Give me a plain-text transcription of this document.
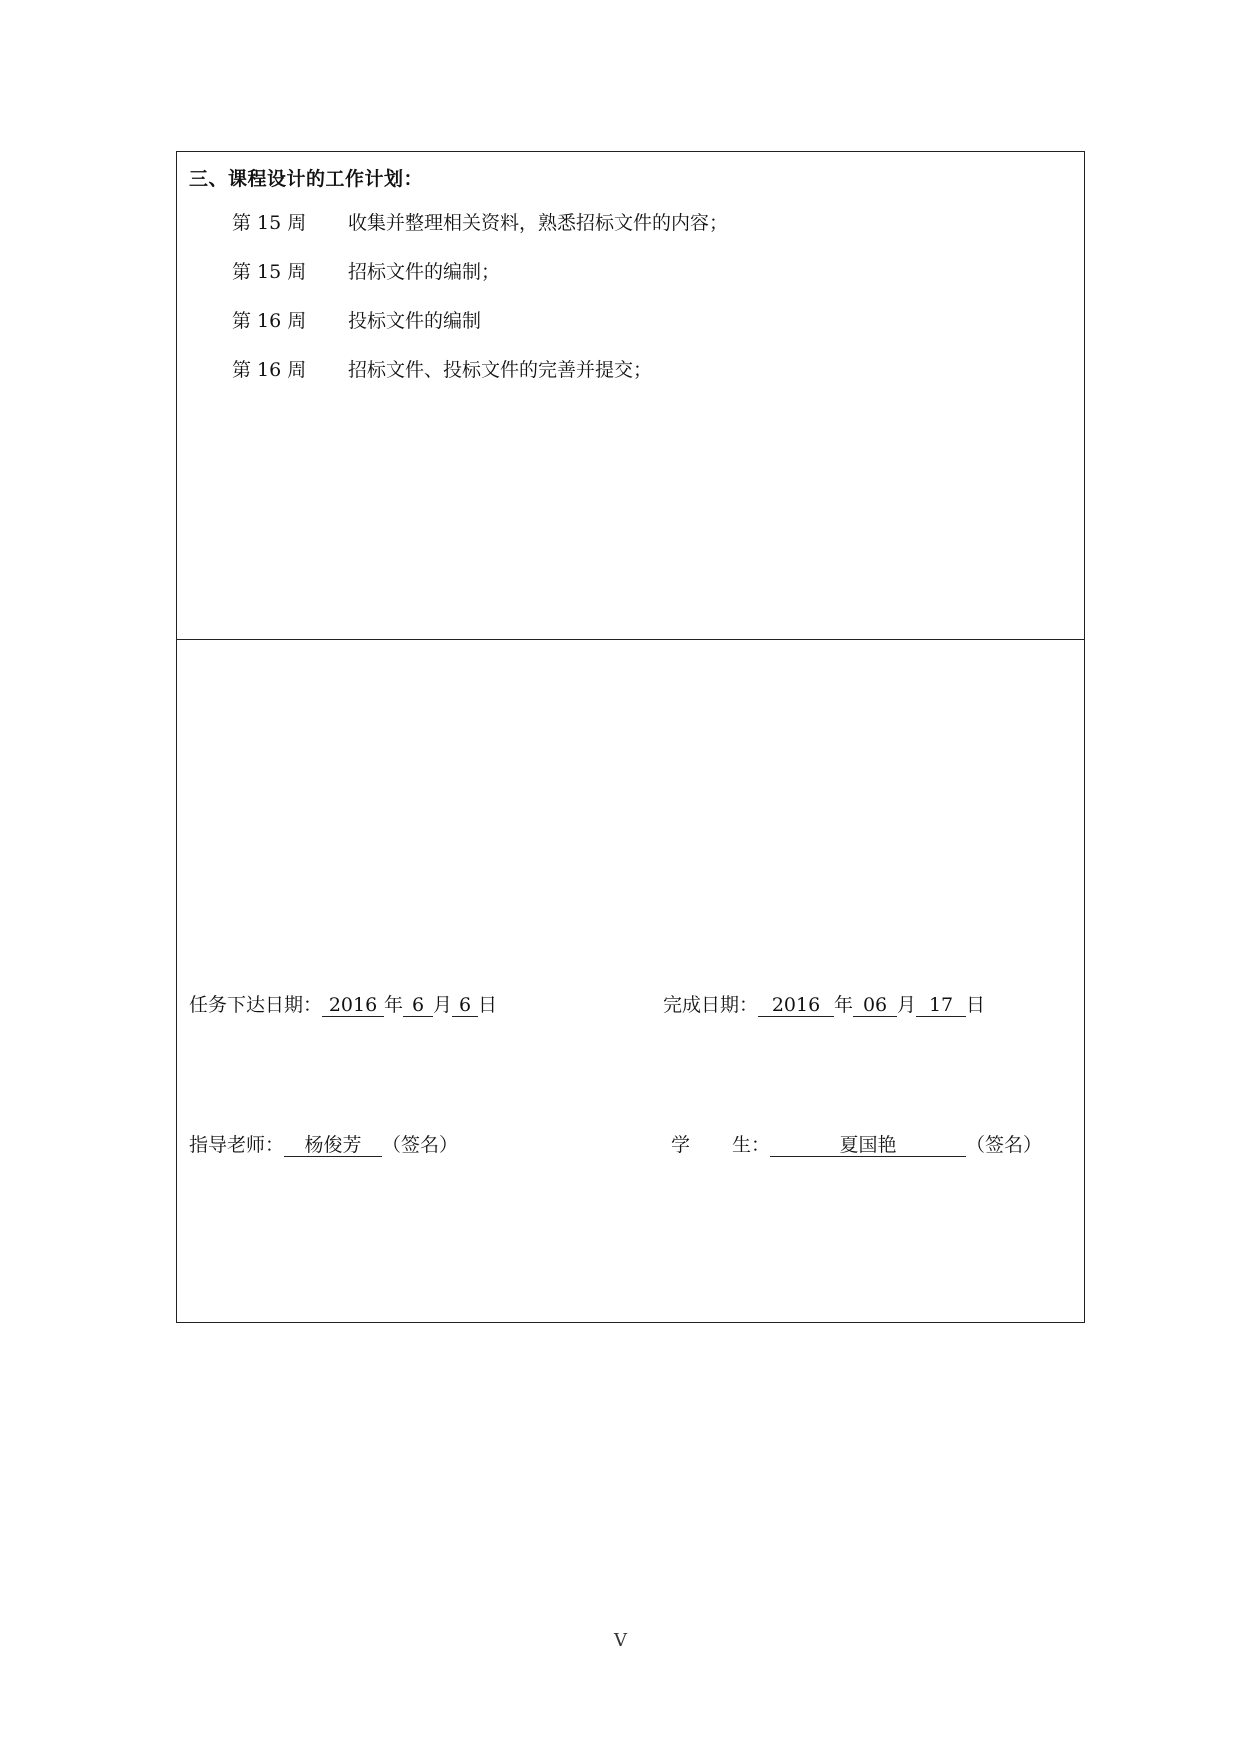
三、课程设计的工作计划：
第 15 周 收集并整理相关资料，熟悉招标文件的内容；
第 15 周 招标文件的编制；
第 16 周 投标文件的编制
第 16 周 招标文件、投标文件的完善并提交；
任务下达日期： 2016 年 6 月 6 日	完成日期： 2016 年 06 月 17 日
指导老师： 杨俊芳 （签名）	学 生：	夏国艳	（签名）
V
